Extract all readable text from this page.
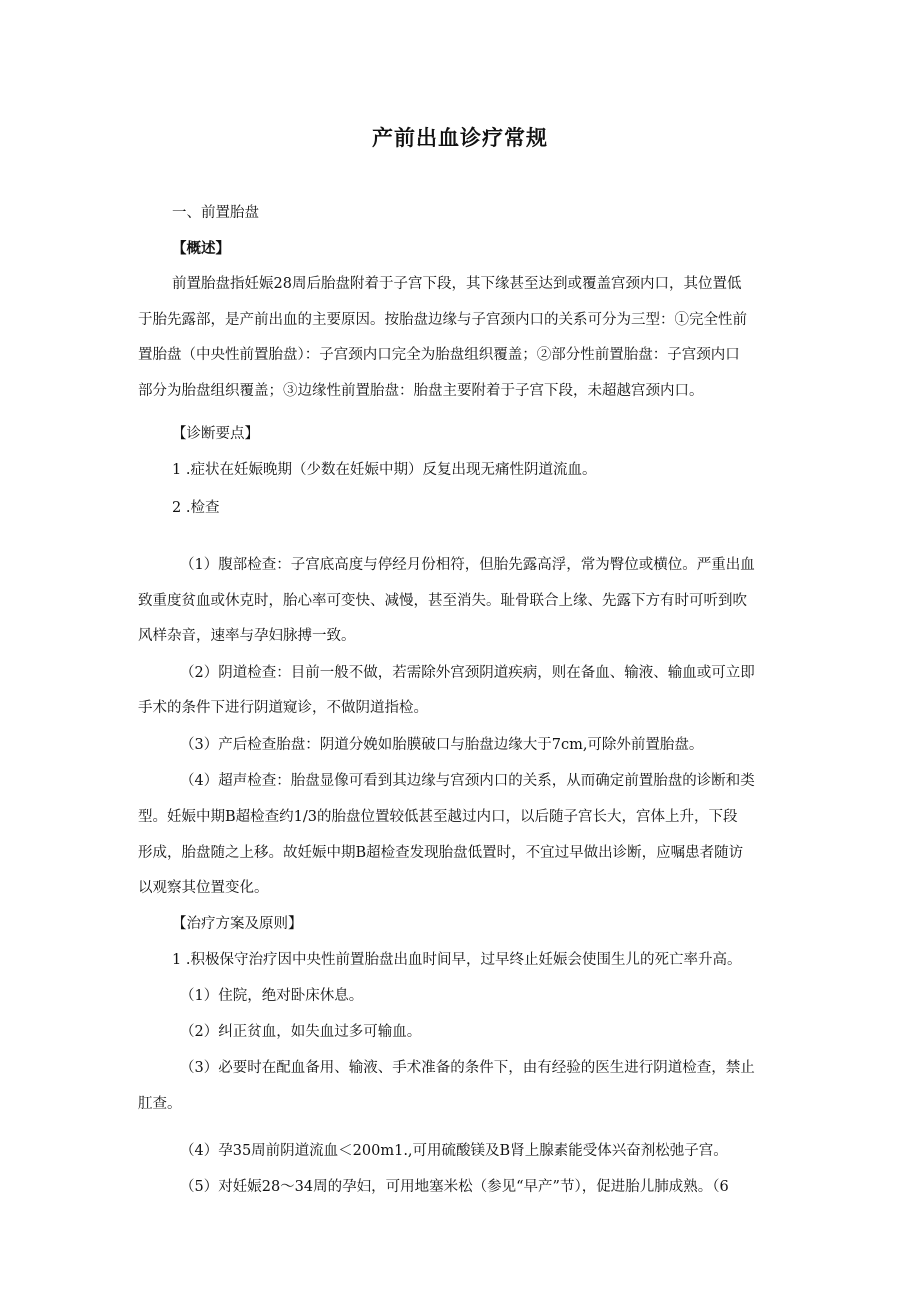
产前出血诊疗常规
一、前置胎盘
【概述】
前置胎盘指妊娠28周后胎盘附着于子宫下段，其下缘甚至达到或覆盖宫颈内口，其位置低
于胎先露部，是产前出血的主要原因。按胎盘边缘与子宫颈内口的关系可分为三型：①完全性前
置胎盘（中央性前置胎盘）：子宫颈内口完全为胎盘组织覆盖；②部分性前置胎盘：子宫颈内口
部分为胎盘组织覆盖；③边缘性前置胎盘：胎盘主要附着于子宫下段，未超越宫颈内口。
【诊断要点】
1 .症状在妊娠晚期（少数在妊娠中期）反复出现无痛性阴道流血。
2 .检查
（1）腹部检查：子宫底高度与停经月份相符，但胎先露高浮，常为臀位或横位。严重出血
致重度贫血或休克时，胎心率可变快、减慢，甚至消失。耻骨联合上缘、先露下方有时可听到吹
风样杂音，速率与孕妇脉搏一致。
（2）阴道检查：目前一般不做，若需除外宫颈阴道疾病，则在备血、输液、输血或可立即
手术的条件下进行阴道窥诊，不做阴道指检。
（3）产后检查胎盘：阴道分娩如胎膜破口与胎盘边缘大于7cm,可除外前置胎盘。
（4）超声检查：胎盘显像可看到其边缘与宫颈内口的关系，从而确定前置胎盘的诊断和类
型。妊娠中期B超检查约1/3的胎盘位置较低甚至越过内口，以后随子宫长大，宫体上升，下段
形成，胎盘随之上移。故妊娠中期B超检查发现胎盘低置时，不宜过早做出诊断，应嘱患者随访
以观察其位置变化。
【治疗方案及原则】
1 .积极保守治疗因中央性前置胎盘出血时间早，过早终止妊娠会使围生儿的死亡率升高。
（1）住院，绝对卧床休息。
（2）纠正贫血，如失血过多可输血。
（3）必要时在配血备用、输液、手术准备的条件下，由有经验的医生进行阴道检查，禁止
肛查。
（4）孕35周前阴道流血＜200m1.,可用硫酸镁及B肾上腺素能受体兴奋剂松弛子宫。
（5）对妊娠28～34周的孕妇，可用地塞米松（参见“早产”节），促进胎儿肺成熟。（6
